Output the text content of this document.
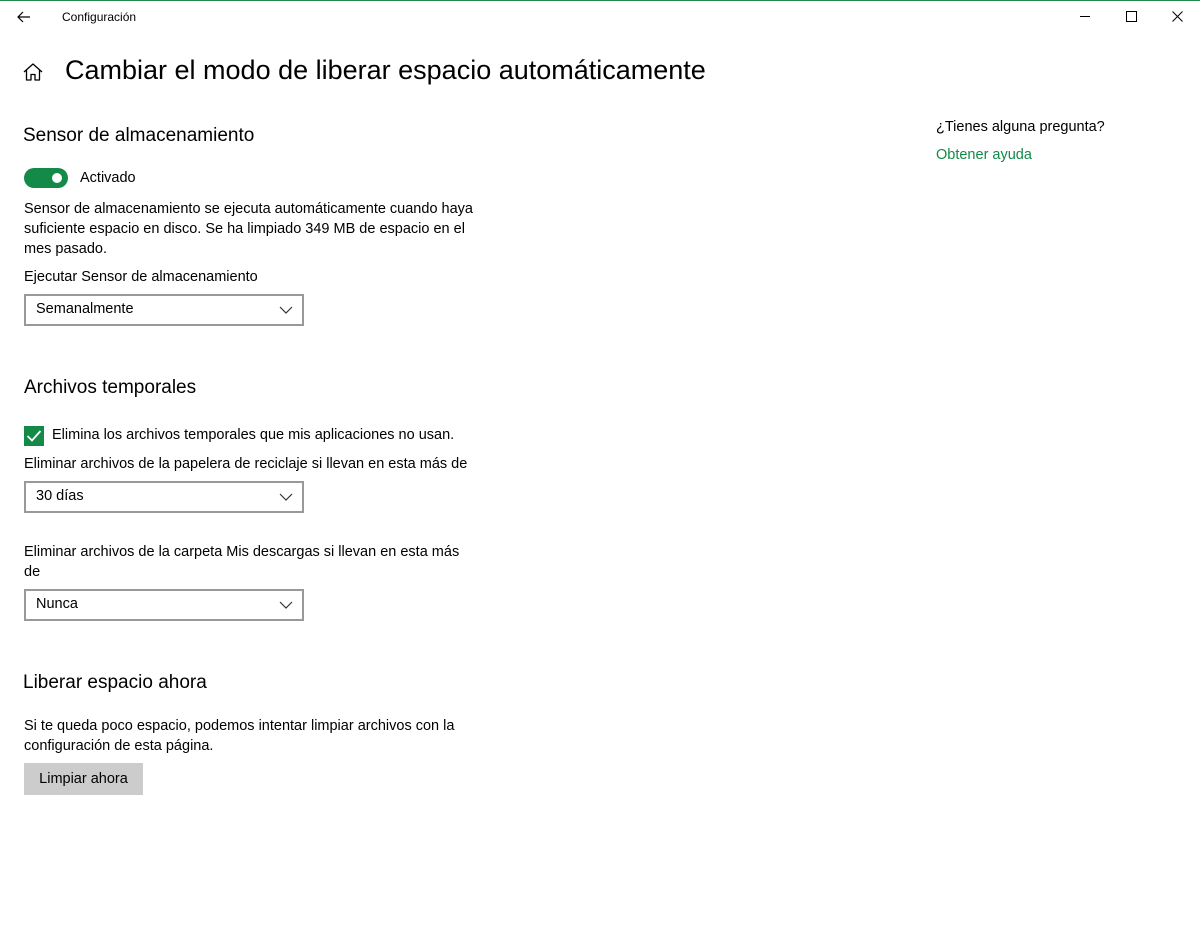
Configuración
Cambiar el modo de liberar espacio automáticamente
Sensor de almacenamiento
Activado
Sensor de almacenamiento se ejecuta automáticamente cuando haya suficiente espacio en disco. Se ha limpiado 349 MB de espacio en el mes pasado.
Ejecutar Sensor de almacenamiento
Semanalmente
Archivos temporales
Elimina los archivos temporales que mis aplicaciones no usan.
Eliminar archivos de la papelera de reciclaje si llevan en esta más de
30 días
Eliminar archivos de la carpeta Mis descargas si llevan en esta más de
Nunca
Liberar espacio ahora
Si te queda poco espacio, podemos intentar limpiar archivos con la configuración de esta página.
Limpiar ahora
¿Tienes alguna pregunta?
Obtener ayuda
